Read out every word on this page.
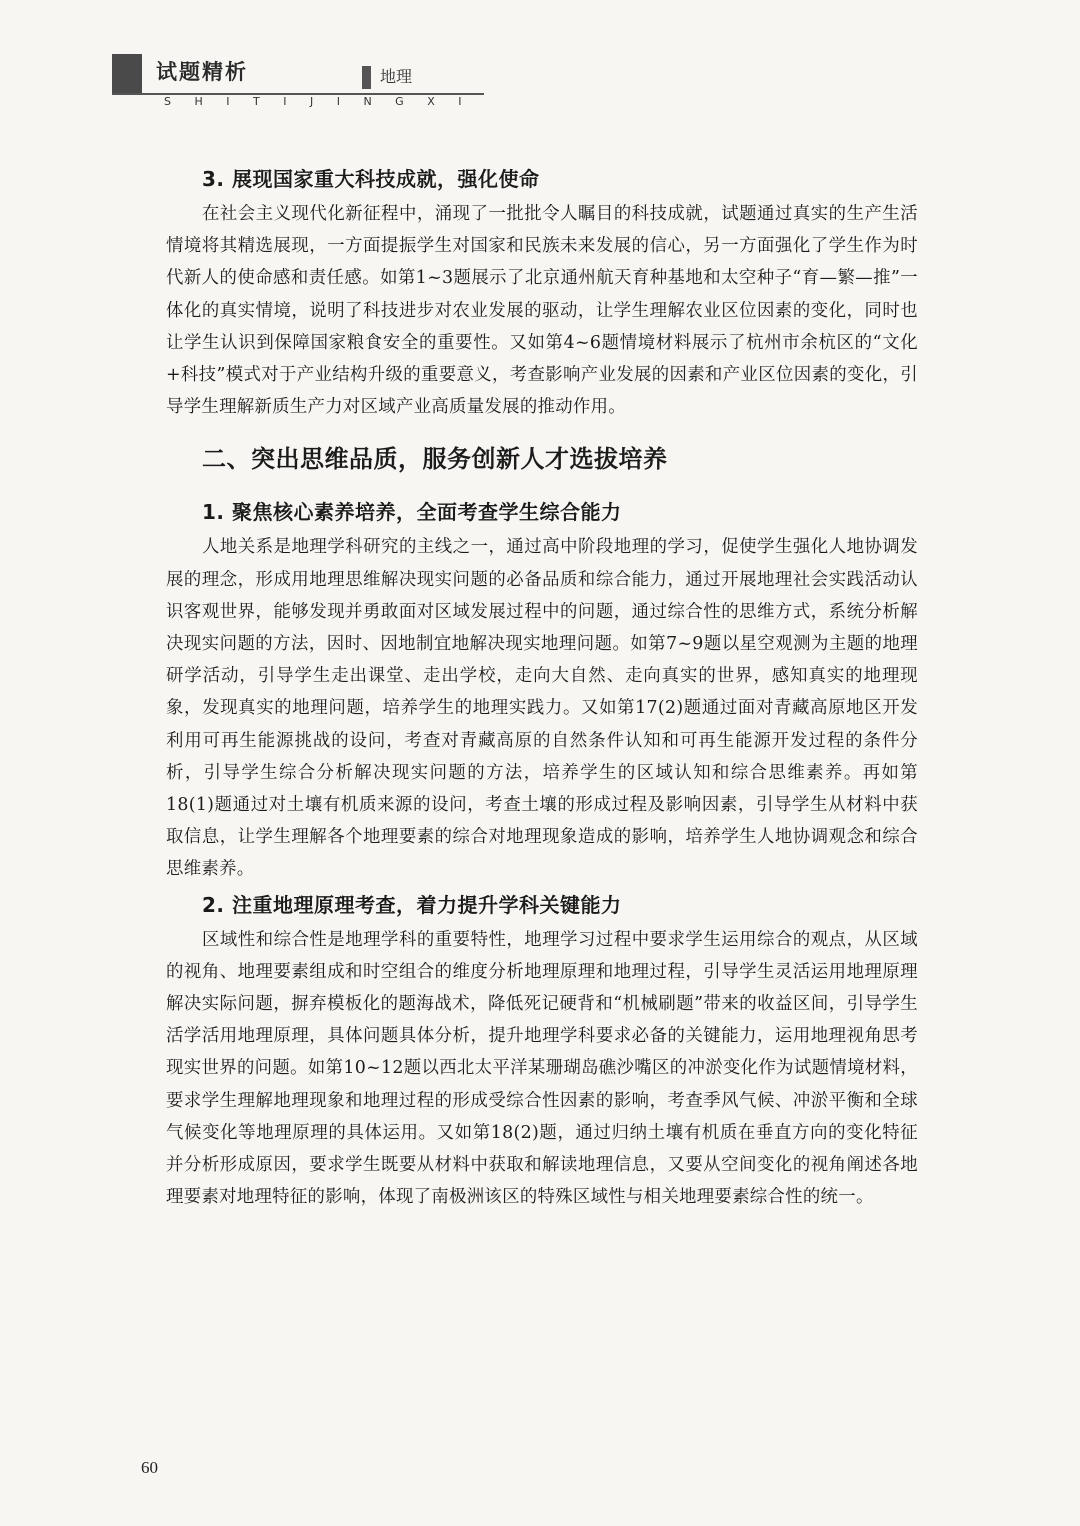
试题精析	地理
SHITIJINGXI
3. 展现国家重大科技成就，强化使命

在社会主义现代化新征程中，涌现了一批批令人瞩目的科技成就，试题通过真实的生产生活情境将其精选展现，一方面提振学生对国家和民族未来发展的信心，另一方面强化了学生作为时代新人的使命感和责任感。如第1~3题展示了北京通州航天育种基地和太空种子“育—繁—推”一体化的真实情境，说明了科技进步对农业发展的驱动，让学生理解农业区位因素的变化，同时也让学生认识到保障国家粮食安全的重要性。又如第4~6题情境材料展示了杭州市余杭区的“文化+科技”模式对于产业结构升级的重要意义，考查影响产业发展的因素和产业区位因素的变化，引导学生理解新质生产力对区域产业高质量发展的推动作用。

二、突出思维品质，服务创新人才选拔培养
1. 聚焦核心素养培养，全面考查学生综合能力

人地关系是地理学科研究的主线之一，通过高中阶段地理的学习，促使学生强化人地协调发展的理念，形成用地理思维解决现实问题的必备品质和综合能力，通过开展地理社会实践活动认识客观世界，能够发现并勇敢面对区域发展过程中的问题，通过综合性的思维方式，系统分析解决现实问题的方法，因时、因地制宜地解决现实地理问题。如第7~9题以星空观测为主题的地理研学活动，引导学生走出课堂、走出学校，走向大自然、走向真实的世界，感知真实的地理现象，发现真实的地理问题，培养学生的地理实践力。又如第17(2)题通过面对青藏高原地区开发利用可再生能源挑战的设问，考查对青藏高原的自然条件认知和可再生能源开发过程的条件分析，引导学生综合分析解决现实问题的方法，培养学生的区域认知和综合思维素养。再如第18(1)题通过对土壤有机质来源的设问，考查土壤的形成过程及影响因素，引导学生从材料中获取信息，让学生理解各个地理要素的综合对地理现象造成的影响，培养学生人地协调观念和综合思维素养。

2. 注重地理原理考查，着力提升学科关键能力

区域性和综合性是地理学科的重要特性，地理学习过程中要求学生运用综合的观点，从区域的视角、地理要素组成和时空组合的维度分析地理原理和地理过程，引导学生灵活运用地理原理解决实际问题，摒弃模板化的题海战术，降低死记硬背和“机械刷题”带来的收益区间，引导学生活学活用地理原理，具体问题具体分析，提升地理学科要求必备的关键能力，运用地理视角思考现实世界的问题。如第10~12题以西北太平洋某珊瑚岛礁沙嘴区的冲淤变化作为试题情境材料，要求学生理解地理现象和地理过程的形成受综合性因素的影响，考查季风气候、冲淤平衡和全球气候变化等地理原理的具体运用。又如第18(2)题，通过归纳土壤有机质在垂直方向的变化特征并分析形成原因，要求学生既要从材料中获取和解读地理信息，又要从空间变化的视角阐述各地理要素对地理特征的影响，体现了南极洲该区的特殊区域性与相关地理要素综合性的统一。

60
